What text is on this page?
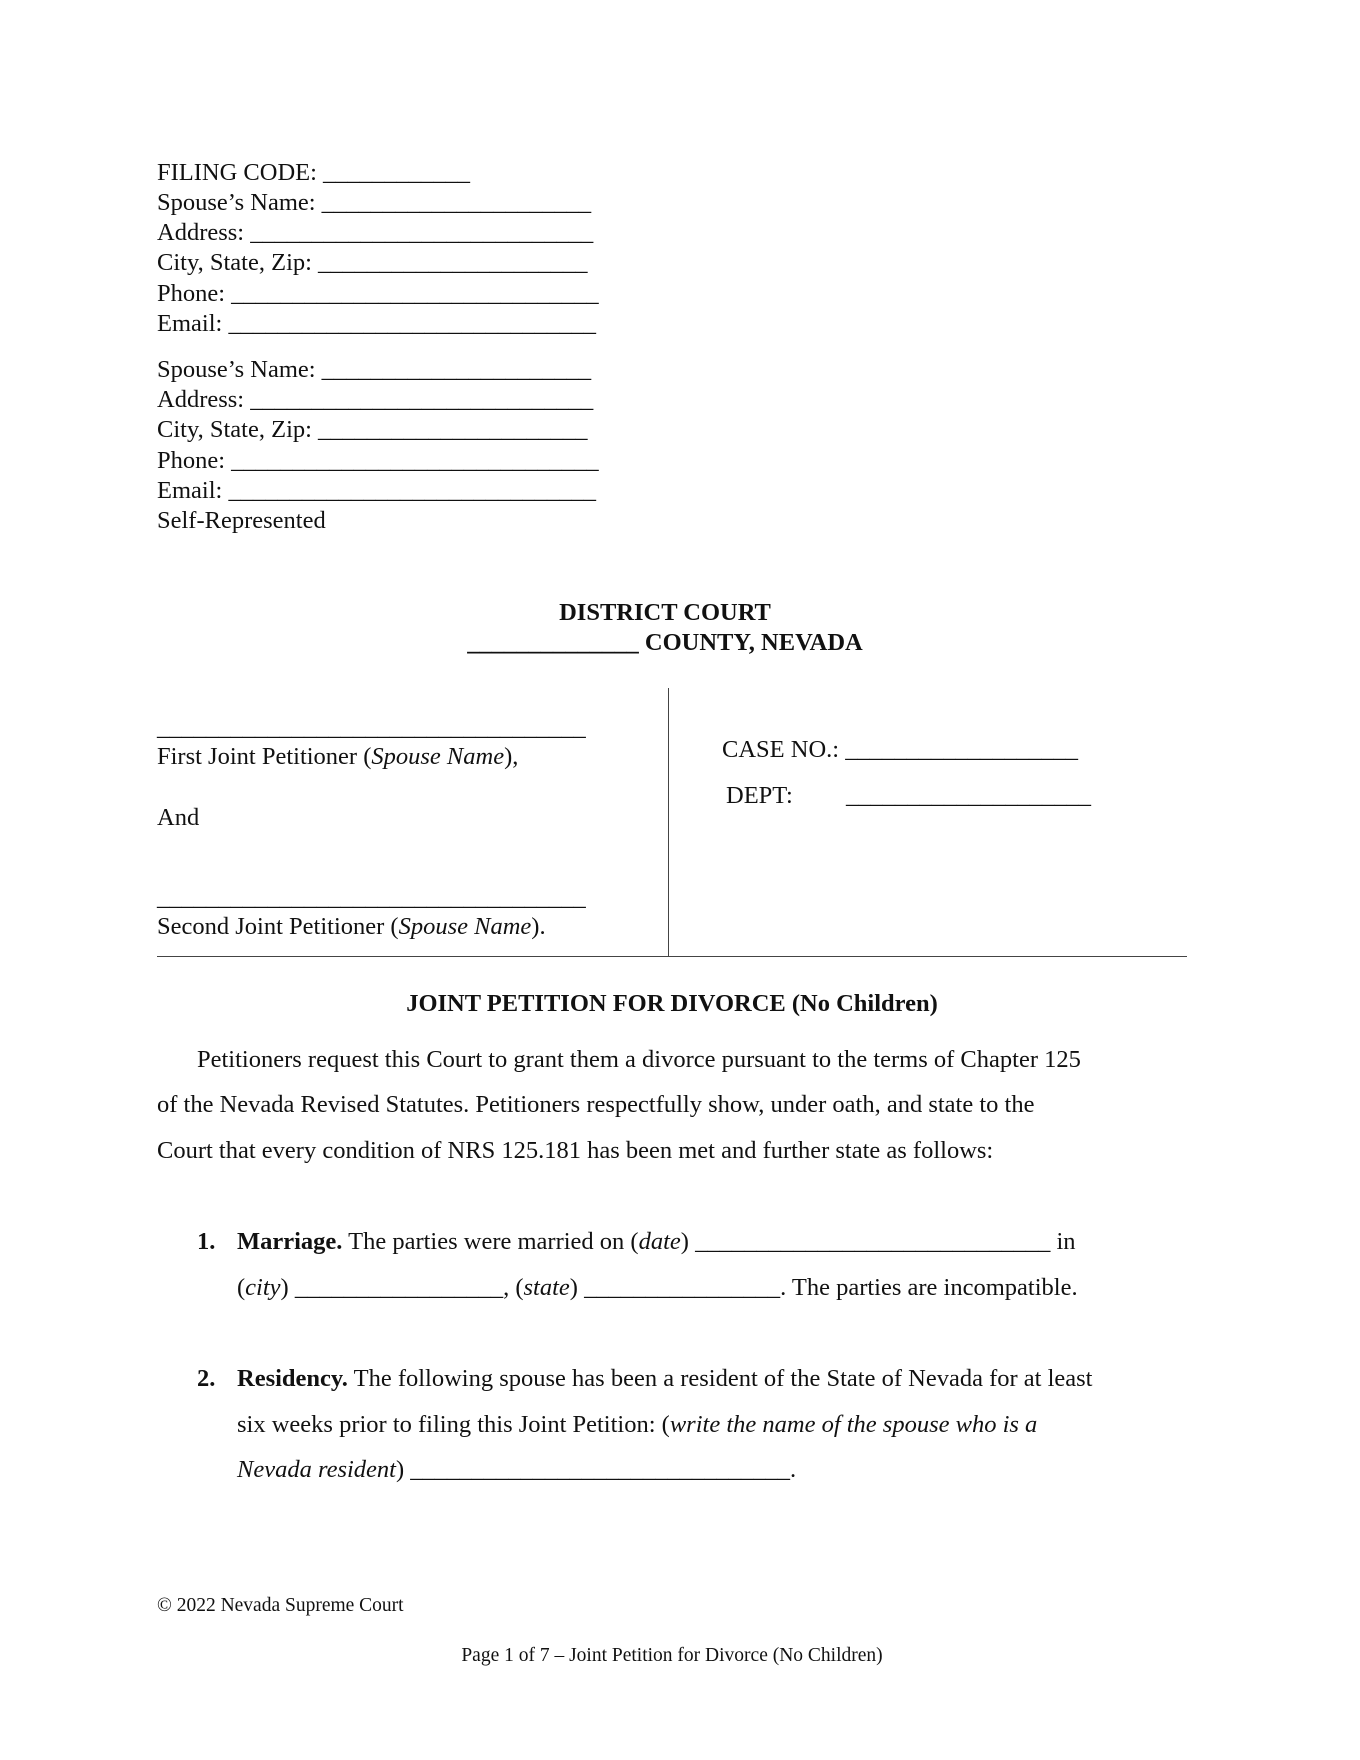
FILING CODE: ____________
Spouse’s Name: ______________________
Address: ____________________________
City, State, Zip: ______________________
Phone: ______________________________
Email: ______________________________
Spouse’s Name: ______________________
Address: ____________________________
City, State, Zip: ______________________
Phone: ______________________________
Email: ______________________________
Self-Represented
DISTRICT COURT
______________ COUNTY, NEVADA
___________________________________
First Joint Petitioner (Spouse Name),
And
___________________________________
Second Joint Petitioner (Spouse Name).
CASE NO.: ___________________
DEPT: ____________________
JOINT PETITION FOR DIVORCE (No Children)
Petitioners request this Court to grant them a divorce pursuant to the terms of Chapter 125
of the Nevada Revised Statutes. Petitioners respectfully show, under oath, and state to the
Court that every condition of NRS 125.181 has been met and further state as follows:
1. Marriage. The parties were married on (date) _____________________________ in
(city) _________________, (state) ________________. The parties are incompatible.
2. Residency. The following spouse has been a resident of the State of Nevada for at least
six weeks prior to filing this Joint Petition: (write the name of the spouse who is a
Nevada resident) _______________________________.
© 2022 Nevada Supreme Court
Page 1 of 7 – Joint Petition for Divorce (No Children)
